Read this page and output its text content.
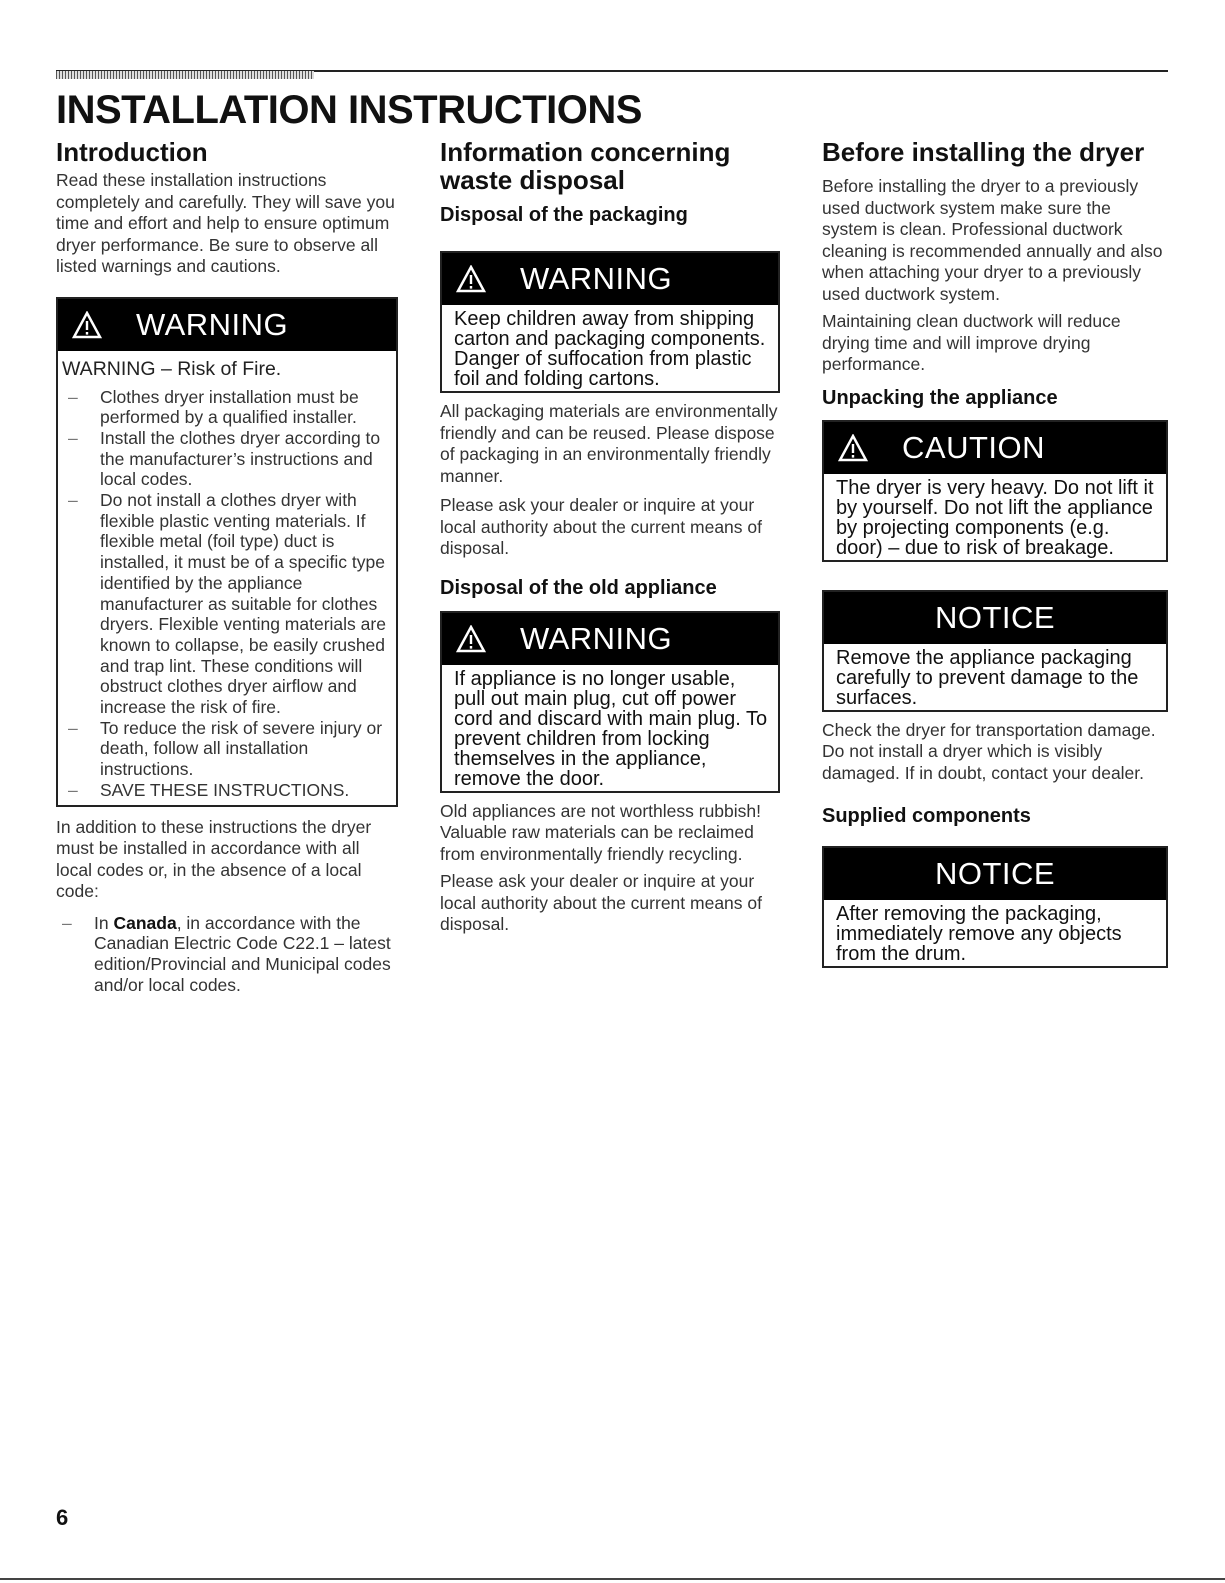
INSTALLATION INSTRUCTIONS
Introduction

Read these installation instructions completely and carefully. They will save you time and effort and help to ensure optimum dryer performance. Be sure to observe all listed warnings and cautions.

WARNING
WARNING – Risk of Fire.
– Clothes dryer installation must be performed by a qualified installer.
– Install the clothes dryer according to the manufacturer’s instructions and local codes.
– Do not install a clothes dryer with flexible plastic venting materials. If flexible metal (foil type) duct is installed, it must be of a specific type identified by the appliance manufacturer as suitable for clothes dryers. Flexible venting materials are known to collapse, be easily crushed and trap lint. These conditions will obstruct clothes dryer airflow and increase the risk of fire.
– To reduce the risk of severe injury or death, follow all installation instructions.
– SAVE THESE INSTRUCTIONS.

In addition to these instructions the dryer must be installed in accordance with all local codes or, in the absence of a local code:

– In Canada, in accordance with the Canadian Electric Code C22.1 – latest edition/Provincial and Municipal codes and/or local codes.
Information concerning waste disposal
Disposal of the packaging
WARNING
Keep children away from shipping carton and packaging components. Danger of suffocation from plastic foil and folding cartons.

All packaging materials are environmentally friendly and can be reused. Please dispose of packaging in an environmentally friendly manner.

Please ask your dealer or inquire at your local authority about the current means of disposal.

Disposal of the old appliance
WARNING
If appliance is no longer usable, pull out main plug, cut off power cord and discard with main plug. To prevent children from locking themselves in the appliance, remove the door.

Old appliances are not worthless rubbish! Valuable raw materials can be reclaimed from environmentally friendly recycling.

Please ask your dealer or inquire at your local authority about the current means of disposal.

Before installing the dryer

Before installing the dryer to a previously used ductwork system make sure the system is clean. Professional ductwork cleaning is recommended annually and also when attaching your dryer to a previously used ductwork system.

Maintaining clean ductwork will reduce drying time and will improve drying performance.

Unpacking the appliance
CAUTION
The dryer is very heavy. Do not lift it by yourself. Do not lift the appliance by projecting components (e.g. door) – due to risk of breakage.
NOTICE
Remove the appliance packaging carefully to prevent damage to the surfaces.

Check the dryer for transportation damage. Do not install a dryer which is visibly damaged. If in doubt, contact your dealer.

Supplied components
NOTICE
After removing the packaging, immediately remove any objects from the drum.
6
